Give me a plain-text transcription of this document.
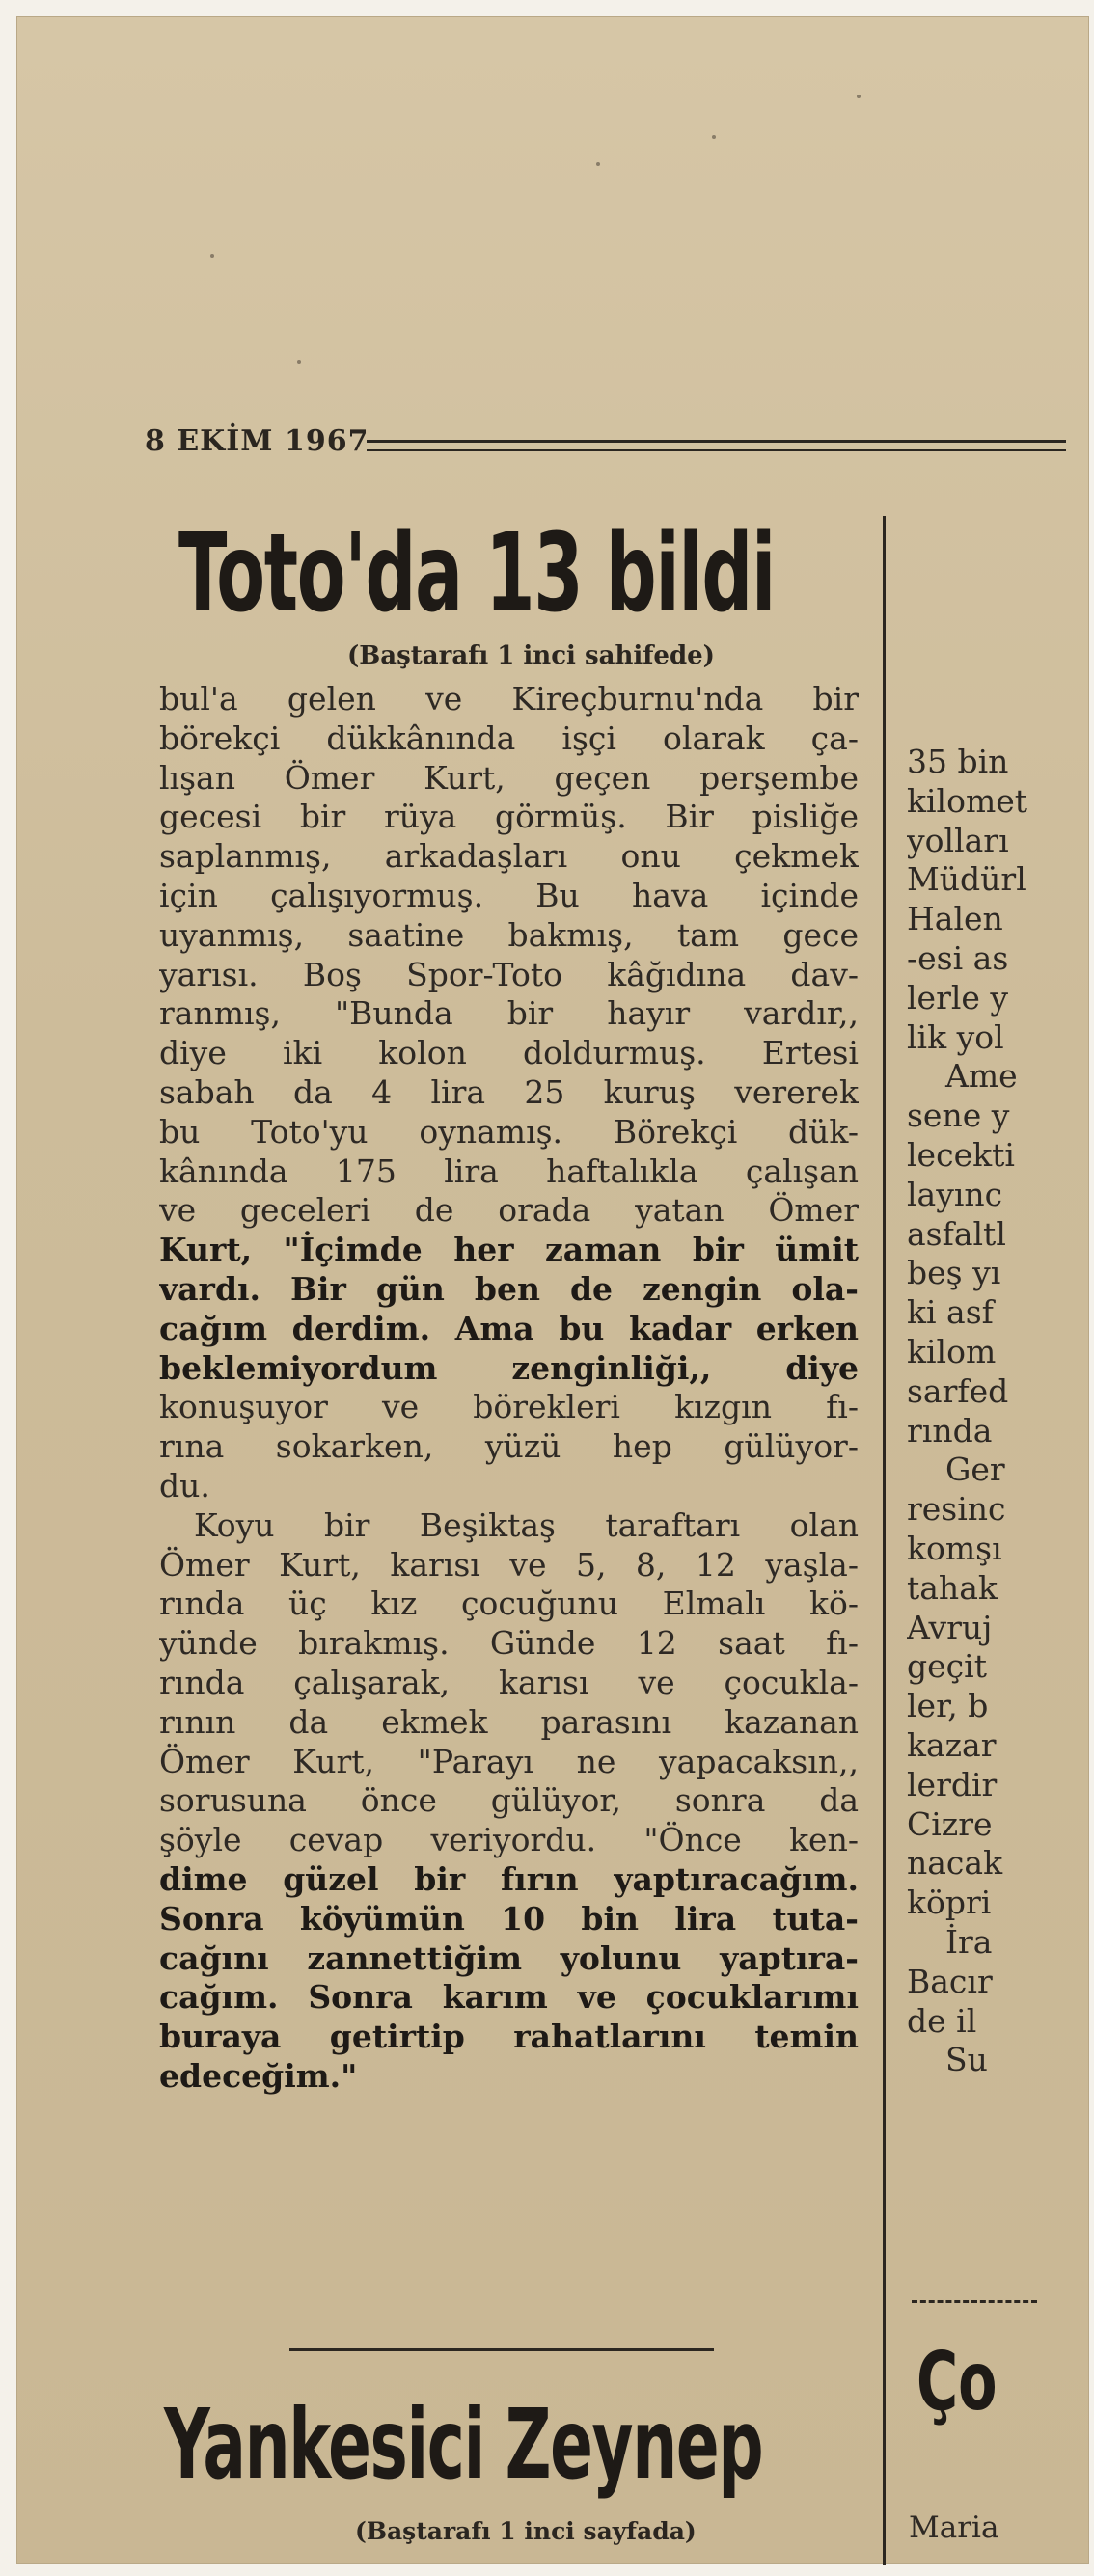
8 EKİM 1967
Toto'da 13 bildi
(Baştarafı 1 inci sahifede)
bul'a gelen ve Kireçburnu'nda bir
börekçi dükkânında işçi olarak ça-
lışan Ömer Kurt, geçen perşembe
gecesi bir rüya görmüş. Bir pisliğe
saplanmış, arkadaşları onu çekmek
için çalışıyormuş. Bu hava içinde
uyanmış, saatine bakmış, tam gece
yarısı. Boş Spor-Toto kâğıdına dav-
ranmış, "Bunda bir hayır vardır,,
diye iki kolon doldurmuş. Ertesi
sabah da 4 lira 25 kuruş vererek
bu Toto'yu oynamış. Börekçi dük-
kânında 175 lira haftalıkla çalışan
ve geceleri de orada yatan Ömer
Kurt, "İçimde her zaman bir ümit
vardı. Bir gün ben de zengin ola-
cağım derdim. Ama bu kadar erken
beklemiyordum zenginliği,, diye
konuşuyor ve börekleri kızgın fı-
rına sokarken, yüzü hep gülüyor-
du.
Koyu bir Beşiktaş taraftarı olan
Ömer Kurt, karısı ve 5, 8, 12 yaşla-
rında üç kız çocuğunu Elmalı kö-
yünde bırakmış. Günde 12 saat fı-
rında çalışarak, karısı ve çocukla-
rının da ekmek parasını kazanan
Ömer Kurt, "Parayı ne yapacaksın,,
sorusuna önce gülüyor, sonra da
şöyle cevap veriyordu. "Önce ken-
dime güzel bir fırın yaptıracağım.
Sonra köyümün 10 bin lira tuta-
cağını zannettiğim yolunu yaptıra-
cağım. Sonra karım ve çocuklarımı
buraya getirtip rahatlarını temin
edeceğim."
Yankesici Zeynep
(Baştarafı 1 inci sayfada)
35 bin
kilomet
yolları
Müdürl
Halen
-esi as
lerle y
lik yol
Ame
sene y
lecekti
layınc
asfaltl
beş yı
ki asf
kilom
sarfed
rında
Ger
resinc
komşı
tahak
Avruj
geçit
ler, b
kazar
lerdir
Cizre
nacak
köpri
İra
Bacır
de il
Su
Ço
Maria
